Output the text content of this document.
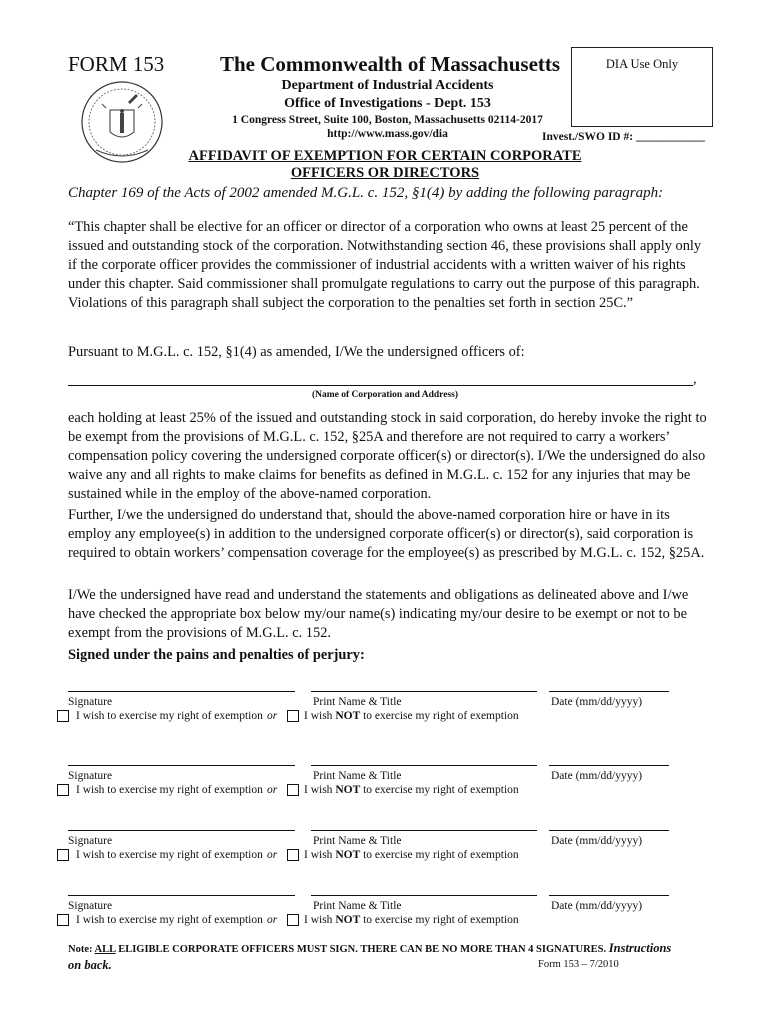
FORM 153	The Commonwealth of Massachusetts
Department of Industrial Accidents
Office of Investigations - Dept. 153
1 Congress Street, Suite 100, Boston, Massachusetts 02114-2017
http://www.mass.gov/dia
DIA Use Only
Invest./SWO ID #: ____________
AFFIDAVIT OF EXEMPTION FOR CERTAIN CORPORATE
OFFICERS OR DIRECTORS
Chapter 169 of the Acts of 2002 amended M.G.L. c. 152, §1(4) by adding the following paragraph:
“This chapter shall be elective for an officer or director of a corporation who owns at least 25 percent of the issued and outstanding stock of the corporation. Notwithstanding section 46, these provisions shall apply only if the corporate officer provides the commissioner of industrial accidents with a written waiver of his rights under this chapter. Said commissioner shall promulgate regulations to carry out the purpose of this paragraph. Violations of this paragraph shall subject the corporation to the penalties set forth in section 25C.”
Pursuant to M.G.L. c. 152, §1(4) as amended, I/We the undersigned officers of:
,
(Name of Corporation and Address)
each holding at least 25% of the issued and outstanding stock in said corporation, do hereby invoke the right to be exempt from the provisions of M.G.L. c. 152, §25A and therefore are not required to carry a workers’ compensation policy covering the undersigned corporate officer(s) or director(s). I/We the undersigned do also waive any and all rights to make claims for benefits as defined in M.G.L. c. 152 for any injuries that may be sustained while in the employ of the above-named corporation.
Further, I/we the undersigned do understand that, should the above-named corporation hire or have in its employ any employee(s) in addition to the undersigned corporate officer(s) or director(s), said corporation is required to obtain workers’ compensation coverage for the employee(s) as prescribed by M.G.L. c. 152, §25A.
I/We the undersigned have read and understand the statements and obligations as delineated above and I/we have checked the appropriate box below my/our name(s) indicating my/our desire to be exempt or not to be exempt from the provisions of M.G.L. c. 152.
Signed under the pains and penalties of perjury:
Signature	Print Name & Title	Date (mm/dd/yyyy)
I wish to exercise my right of exemption or I wish NOT to exercise my right of exemption
Signature	Print Name & Title	Date (mm/dd/yyyy)
I wish to exercise my right of exemption or I wish NOT to exercise my right of exemption
Signature	Print Name & Title	Date (mm/dd/yyyy)
I wish to exercise my right of exemption or I wish NOT to exercise my right of exemption
Signature	Print Name & Title	Date (mm/dd/yyyy)
I wish to exercise my right of exemption or I wish NOT to exercise my right of exemption
Note: ALL ELIGIBLE CORPORATE OFFICERS MUST SIGN. THERE CAN BE NO MORE THAN 4 SIGNATURES. Instructions
on back.	Form 153 – 7/2010
